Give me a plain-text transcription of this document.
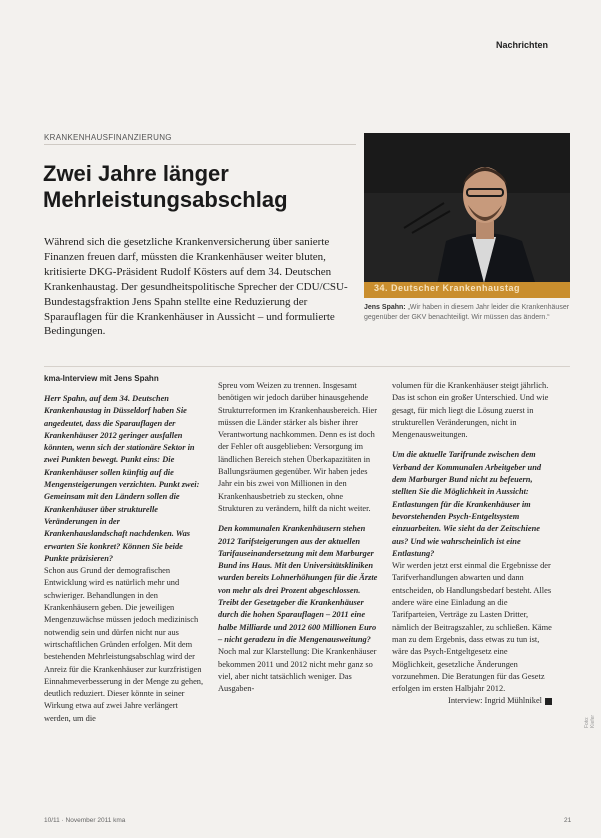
Nachrichten
KRANKENHAUSFINANZIERUNG
Zwei Jahre länger Mehrleistungsabschlag
Während sich die gesetzliche Krankenversicherung über sanierte Finanzen freuen darf, müssten die Krankenhäuser weiter bluten, kritisierte DKG-Präsident Rudolf Kösters auf dem 34. Deutschen Krankenhaustag. Der gesundheitspolitische Sprecher der CDU/CSU-Bundestagsfraktion Jens Spahn stellte eine Reduzierung der Sparauflagen für die Krankenhäuser in Aussicht – und formulierte Bedingungen.
34. Deutscher Krankenhaustag
Jens Spahn: „Wir haben in diesem Jahr leider die Krankenhäuser gegenüber der GKV benachteiligt. Wir müssen das ändern.“

kma-Interview mit Jens Spahn

Herr Spahn, auf dem 34. Deutschen Krankenhaustag in Düsseldorf haben Sie angedeutet, dass die Sparauflagen der Krankenhäuser 2012 geringer ausfallen könnten, wenn sich der stationäre Sektor in zwei Punkten bewegt. Punkt eins: Die Krankenhäuser sollen künftig auf die Mengensteigerungen verzichten. Punkt zwei: Gemeinsam mit den Ländern sollen die Krankenhäuser über strukturelle Veränderungen in der Krankenhauslandschaft nachdenken. Was erwarten Sie konkret? Können Sie beide Punkte präzisieren?

Schon aus Grund der demografischen Entwicklung wird es natürlich mehr und schwieriger. Behandlungen in den Krankenhäusern geben. Die jeweiligen Mengenzuwächse müssen jedoch medizinisch notwendig sein und dürfen nicht nur aus wirtschaftlichen Gründen erfolgen. Mit dem bestehenden Mehrleistungsabschlag wird der Anreiz für die Krankenhäuser zur kurzfristigen Einnahmeverbesserung in der Menge zu gehen, deutlich reduziert. Dieser könnte in seiner Wirkung etwa auf zwei Jahre verlängert werden, um die

Spreu vom Weizen zu trennen. Insgesamt benötigen wir jedoch darüber hinausgehende Strukturreformen im Krankenhausbereich. Hier müssen die Länder stärker als bisher ihrer Verantwortung nachkommen. Denn es ist doch der Fehler oft ausgeblieben: Versorgung im ländlichen Bereich stehen Überkapazitäten in Ballungsräumen gegenüber. Wir haben jedes Jahr ein bis zwei von Millionen in den Krankenhausbetrieb zu stecken, ohne Strukturen zu verändern, hilft da nicht weiter.

Den kommunalen Krankenhäusern stehen 2012 Tarifsteigerungen aus der aktuellen Tarifauseinandersetzung mit dem Marburger Bund ins Haus. Mit den Universitätskliniken wurden bereits Lohnerhöhungen für die Ärzte von mehr als drei Prozent abgeschlossen. Treibt der Gesetzgeber die Krankenhäuser durch die hohen Sparauflagen – 2011 eine halbe Milliarde und 2012 600 Millionen Euro – nicht geradezu in die Mengenausweitung?

Noch mal zur Klarstellung: Die Krankenhäuser bekommen 2011 und 2012 nicht mehr ganz so viel, aber nicht tatsächlich weniger. Das Ausgaben-

volumen für die Krankenhäuser steigt jährlich. Das ist schon ein großer Unterschied. Und wie gesagt, für mich liegt die Lösung zuerst in strukturellen Veränderungen, nicht in Mengenausweitungen.

Um die aktuelle Tarifrunde zwischen dem Verband der Kommunalen Arbeitgeber und dem Marburger Bund nicht zu befeuern, stellten Sie die Möglichkeit in Aussicht: Entlastungen für die Krankenhäuser im bevorstehenden Psych-Entgeltsystem einzuarbeiten. Wie sieht da der Zeitschiene aus? Und wie wahrscheinlich ist eine Entlastung?

Wir werden jetzt erst einmal die Ergebnisse der Tarifverhandlungen abwarten und dann entscheiden, ob Handlungsbedarf besteht. Alles andere wäre eine Einladung an die Tarifparteien, Verträge zu Lasten Dritter, nämlich der Beitragszahler, zu schließen. Käme man zu dem Ergebnis, dass etwas zu tun ist, wäre das Psych-Entgeltgesetz eine Möglichkeit, gesetzliche Änderungen vorzunehmen. Die Beratungen für das Gesetz erfolgen im ersten Halbjahr 2012.

Interview: Ingrid Mühlnikel

Foto: Kiefer
10/11 · November 2011 kma	21
